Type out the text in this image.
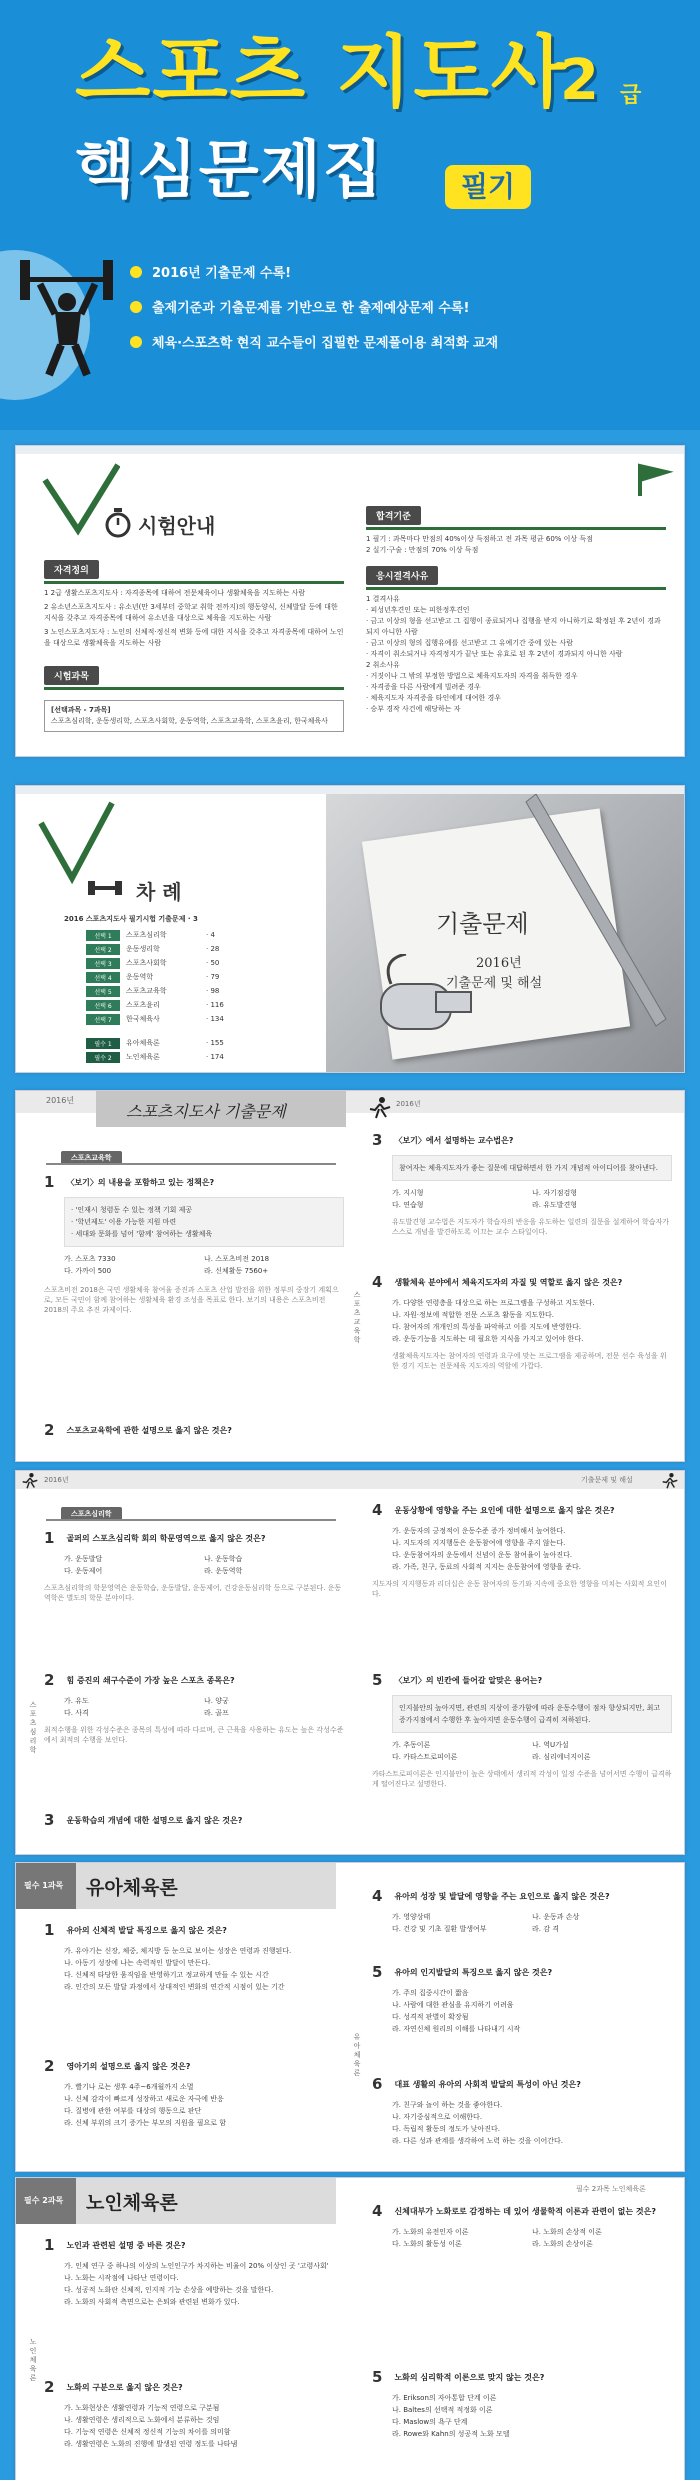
스포츠 지도사
2 급
핵심문제집	필기
2016년 기출문제 수록!
출제기준과 기출문제를 기반으로 한 출제예상문제 수록!
체육·스포츠학 현직 교수들이 집필한 문제풀이용 최적화 교재
시험안내
자격정의
1 2급 생활스포츠지도사 : 자격종목에 대하여 전문체육이나 생활체육을 지도하는 사람
2 유소년스포츠지도사 : 유소년(만 3세부터 중학교 취학 전까지)의 행동양식, 신체발달 등에 대한 지식을 갖추고 자격종목에 대하여 유소년을 대상으로 체육을 지도하는 사람
3 노인스포츠지도사 : 노인의 신체적·정신적 변화 등에 대한 지식을 갖추고 자격종목에 대하여 노인을 대상으로 생활체육을 지도하는 사람
시험과목
[선택과목 - 7과목]
스포츠심리학, 운동생리학, 스포츠사회학, 운동역학, 스포츠교육학, 스포츠윤리, 한국체육사
합격기준
1 필기 : 과목마다 만점의 40%이상 득점하고 전 과목 평균 60% 이상 득점
2 실기·구술 : 만점의 70% 이상 득점
응시결격사유
1 결격사유
· 피성년후견인 또는 피한정후견인
· 금고 이상의 형을 선고받고 그 집행이 종료되거나 집행을 받지 아니하기로 확정된 후 2년이 경과되지 아니한 사람
· 금고 이상의 형의 집행유예를 선고받고 그 유예기간 중에 있는 사람
· 자격이 취소되거나 자격정지가 끝난 또는 유효로 된 후 2년이 경과되지 아니한 사람
2 취소사유
· 거짓이나 그 밖의 부정한 방법으로 체육지도자의 자격을 취득한 경우
· 자격증을 다른 사람에게 빌려준 경우
· 체육지도자 자격증을 타인에게 대여한 경우
· 승부 경작 사건에 해당하는 자
차 례
2016 스포츠지도사 필기시험 기출문제 · 3
선택 1	스포츠심리학	· 4
선택 2	운동생리학	· 28
선택 3	스포츠사회학	· 50
선택 4	운동역학	· 79
선택 5	스포츠교육학	· 98
선택 6	스포츠윤리	· 116
선택 7	한국체육사	· 134
필수 1	유아체육론	· 155
필수 2	노인체육론	· 174
기출문제
2016년
기출문제 및 해설
2016년
스포츠지도사 기출문제	2016년
스포츠교육학
1 〈보기〉의 내용을 포함하고 있는 정책은?
· '인재시 청렴동 수 있는 정책 기회 제공
· '학년제도' 이용 가능한 지원 마련
· 세대와 문화를 넘어 '함께' 참여하는 생활체육
가. 스포츠 7330	나. 스포츠비전 2018
다. 가까이 500	라. 신체활동 7560+
스포츠비전 2018은 국민 생활체육 참여율 증진과 스포츠 산업 발전을 위한 정부의 중장기 계획으로, 모든 국민이 함께 참여하는 생활체육 환경 조성을 목표로 한다. 보기의 내용은 스포츠비전 2018의 주요 추진 과제이다.
2 스포츠교육학에 관한 설명으로 옳지 않은 것은?
3 〈보기〉에서 설명하는 교수법은?
참여자는 체육지도자가 좋는 질문에 대답하면서 한 가지 개념적 아이디어를 찾아낸다.
가. 지시형	나. 자기점검형
다. 연습형	라. 유도발견형
유도발견형 교수법은 지도자가 학습자의 반응을 유도하는 일련의 질문을 설계하여 학습자가 스스로 개념을 발견하도록 이끄는 교수 스타일이다.
4 생활체육 분야에서 체육지도자의 자질 및 역할로 옳지 않은 것은?
가. 다양한 연령층을 대상으로 하는 프로그램을 구성하고 지도한다.
나. 자원·정보에 적합한 전문 스포츠 활동을 지도한다.
다. 참여자의 개개인의 특성을 파악하고 이를 지도에 반영한다.
라. 운동기능을 지도하는 데 필요한 지식을 가지고 있어야 한다.
생활체육지도자는 참여자의 연령과 요구에 맞는 프로그램을 제공하며, 전문 선수 육성을 위한 경기 지도는 전문체육 지도자의 역할에 가깝다.
스포츠교육학
2016년	기출문제 및 해설
스포츠심리학
1 골퍼의 스포츠심리학 회의 학문영역으로 옳지 않은 것은?
가. 운동발달	나. 운동학습
다. 운동제어	라. 운동역학
스포츠심리학의 학문영역은 운동학습, 운동발달, 운동제어, 건강운동심리학 등으로 구분된다. 운동역학은 별도의 학문 분야이다.
2 힘 증진의 쇄구수준이 가장 높은 스포츠 종목은?
가. 유도	나. 양궁
다. 사격	라. 골프
최적수행을 위한 각성수준은 종목의 특성에 따라 다르며, 큰 근육을 사용하는 유도는 높은 각성수준에서 최적의 수행을 보인다.
3 운동학습의 개념에 대한 설명으로 옳지 않은 것은?
스포츠심리학
4 운동상황에 영향을 주는 요인에 대한 설명으로 옳지 않은 것은?
가. 운동자의 긍정적이 운동수준 증가 정비해서 높여한다.
나. 지도자의 지지행동은 운동참여에 영향을 주지 않는다.
다. 운동참여자의 운동에서 신념이 운동 참여율이 높아진다.
라. 가족, 친구, 동료의 사회적 지지는 운동참여에 영향을 준다.
지도자의 지지행동과 리더십은 운동 참여자의 동기와 지속에 중요한 영향을 미치는 사회적 요인이다.
5 〈보기〉의 빈칸에 들어갈 알맞은 용어는?
인지불안의 높아지면, 관련의 지상이 증가함에 따라 운동수행이 점차 향상되지만, 최고 증가지점에서 수행한 후 높아지면 운동수행이 급격히 저하된다.
가. 추동이론	나. 역U가설
다. 카타스트로피이론	라. 심리에너지이론
카타스트로피이론은 인지불안이 높은 상태에서 생리적 각성이 일정 수준을 넘어서면 수행이 급격하게 떨어진다고 설명한다.
필수 1과목 유아체육론
1 유아의 신체적 발달 특징으로 옳지 않은 것은?
가. 유아기는 신장, 체중, 체지방 등 눈으로 보이는 성장은 연령과 진행된다.
나. 아동기 성장에 나는 속력적인 발달이 만든다.
다. 신체적 타당한 움직임을 반영하기고 정교하게 만들 수 있는 시간
라. 인간의 모든 발달 과정에서 상대적인 변화의 연간적 시점이 있는 기간
2 영아기의 설명으로 옳지 않은 것은?
가. 빨기나 로는 생후 4주~6개월까지 소멸
나. 신체 감각이 빠르게 성장하고 새로운 자극에 반응
다. 질병에 관한 여부를 대상의 행동으로 판단
라. 신체 부위의 크기 증가는 부모의 지원을 필요로 함
유아체육론
4 유아의 성장 및 발달에 영향을 주는 요인으로 옳지 않은 것은?
가. 영양상태	나. 운동과 손상
다. 건강 및 기초 질환 발생여부	라. 감 격
5 유아의 인지발달의 특징으로 옳지 않은 것은?
가. 주의 집중시간이 짧음
나. 사람에 대한 관심을 유지하기 어려움
다. 성격적 판별이 확장됨
라. 자연신체 원리의 이해를 나타내기 시작
6 대표 생활의 유아의 사회적 발달의 특성이 아닌 것은?
가. 친구와 놀이 하는 것을 좋아한다.
나. 자기중심적으로 이해한다.
다. 독립적 활동의 정도가 낮아진다.
라. 다른 성과 관계를 생각하여 노력 하는 것을 이어간다.
필수 2과목 노인체육론
필수 2과목 노인체육론
1 노인과 관련된 설명 중 바른 것은?
가. 인체 연구 중 하나의 이상의 노인인구가 차지하는 비율이 20% 이상인 곳 '고령사회'
나. 노화는 시작점에 나타난 연령이다.
다. 성공적 노화란 신체적, 인지적 기능 손상을 예방하는 것을 말한다.
라. 노화의 사회적 측면으로는 은퇴와 관련된 변화가 있다.
2 노화의 구분으로 옳지 않은 것은?
가. 노화현상은 생활연령과 기능적 연령으로 구분됨
나. 생활연령은 생리적으로 노화에서 분류하는 것임
다. 기능적 연령은 신체적 정신적 기능의 차이를 의미함
라. 생활연령은 노화의 진행에 발생된 연령 정도를 나타냄
노인체육론
4 신체대부가 노화로로 감정하는 데 있어 생물학적 이론과 관련이 없는 것은?
가. 노화의 유전인자 이론	나. 노화의 손상적 이론
다. 노화의 활동성 이론	라. 노화의 손상이론
5 노화의 심리학적 이론으로 맞지 않는 것은?
가. Erikson의 자아통합 단계 이론
나. Baltes의 선택적 적정화 이론
다. Maslow의 욕구 단계
라. Rowe와 Kahn의 성공적 노화 모델
